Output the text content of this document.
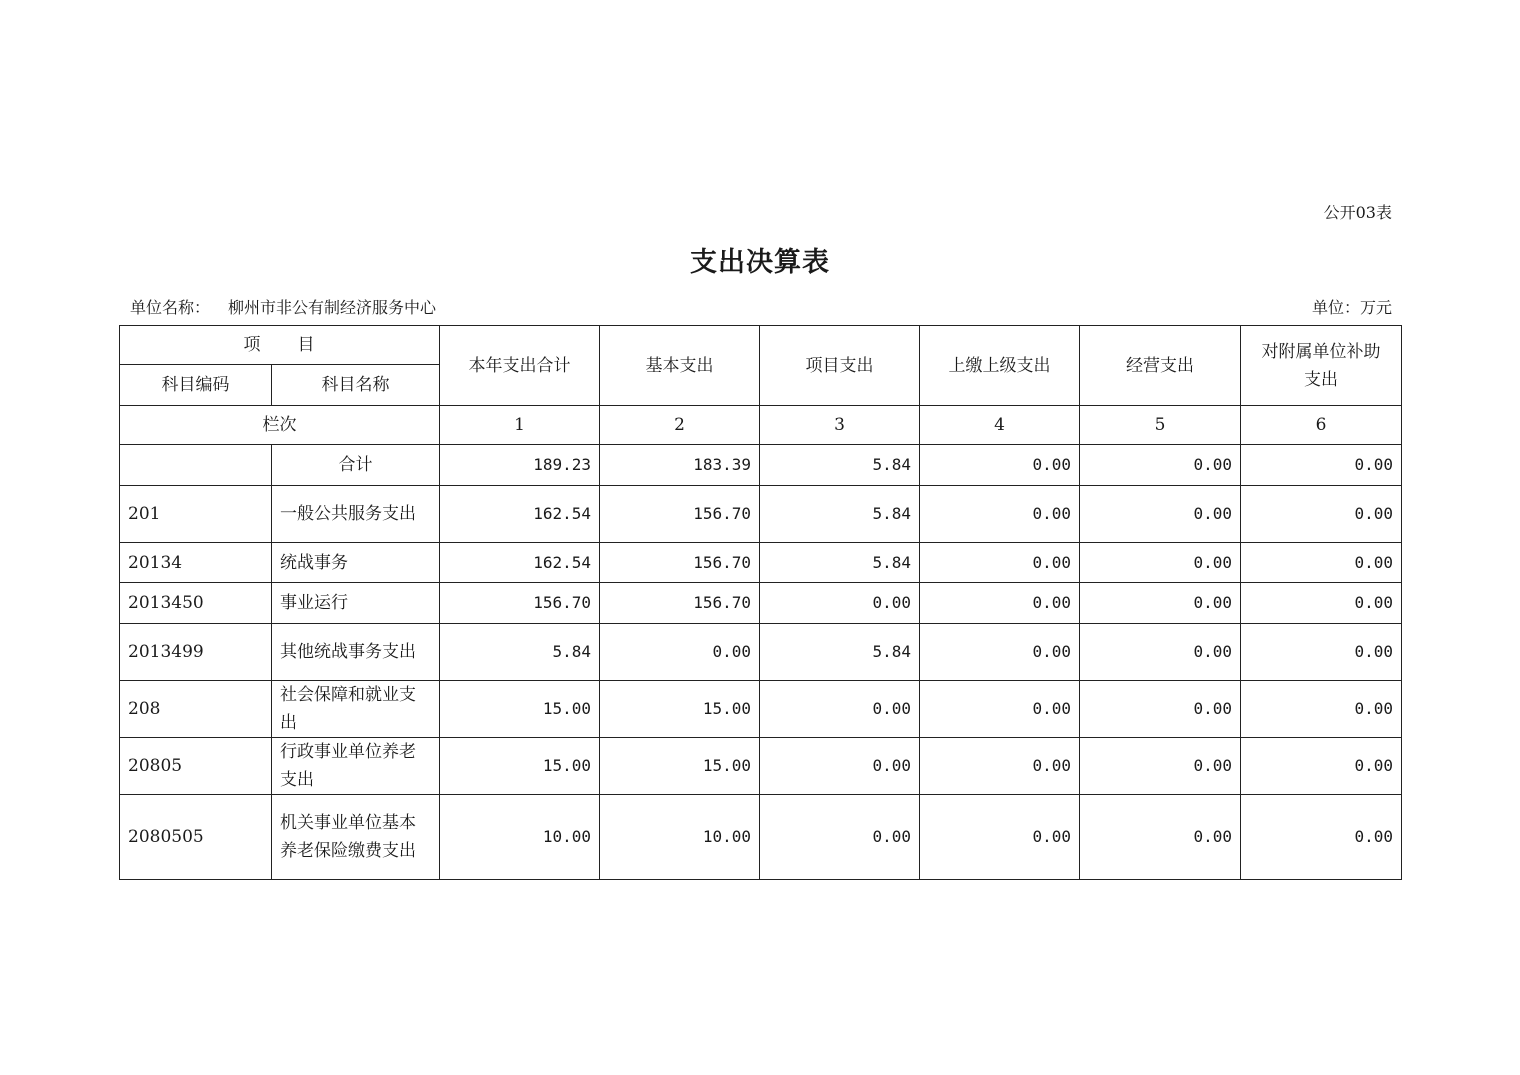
公开03表
支出决算表
单位名称： 柳州市非公有制经济服务中心	单位：万元
项　　目		本年支出合计	基本支出	项目支出	上缴上级支出	经营支出	对附属单位补助支出
科目编码	科目名称						
栏次		1	2	3	4	5	6
	合计	189.23	183.39	5.84	0.00	0.00	0.00
201	一般公共服务支出	162.54	156.70	5.84	0.00	0.00	0.00
20134	统战事务	162.54	156.70	5.84	0.00	0.00	0.00
2013450	事业运行	156.70	156.70	0.00	0.00	0.00	0.00
2013499	其他统战事务支出	5.84	0.00	5.84	0.00	0.00	0.00
208	社会保障和就业支出	15.00	15.00	0.00	0.00	0.00	0.00
20805	行政事业单位养老支出	15.00	15.00	0.00	0.00	0.00	0.00
2080505	机关事业单位基本养老保险缴费支出	10.00	10.00	0.00	0.00	0.00	0.00
